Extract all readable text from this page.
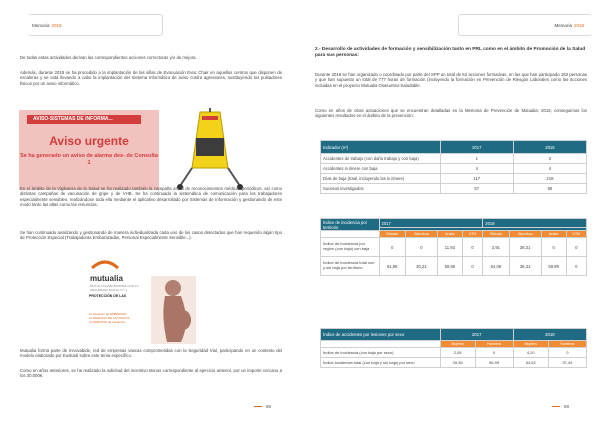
Memoria 2018

De todas estas actividades derivan las correspondientes acciones correctoras y/o de mejora.

Además, durante 2018 se ha procedido a la implantación de las sillas de Evacuación Evac Chair en aquellos centros que disponen de escaleras y se está llevando a cabo la implantación del Sistema Informático de aviso contra agresiones, sustituyendo los pulsadores fisicos por un aviso informático.

AVISO-SISTEMAS DE INFORMA...
Aviso urgente
Se ha generado un aviso de alarma des- de Consulta 1

En el ámbito de la Vigilancia de la Salud se ha realizado también la campaña anual de reconocimientos médicos periódicos, así como distintas campañas de vacunación de gripe y de VHB. Se ha continuado la sistemática de comunicación para los trabajadores especialmente sensibles, realizándose toda ella mediante el aplicativo desarrollado por Sistemas de Información y gestionando de este modo tanto las altas como las renuncias.

Se han continuado analizando y gestionando de manera individualizada cada uno de los casos detectados que han requerido algún tipo de Protección Especial (Trabajadoras Embarazadas, Personal Especialmente Sensible...).

mutualia
MUTUA COLABORADORA CON LA SEGURIDAD SOCIAL N.º 2
PROTECCIÓN DE LAS
en situación de EMBARAZO
en PERIODO DE LACTANCIA
en PERIODO de Lactancia

Mutualia forma parte de Innovabide, red de empresas vascas comprometidas con la Seguridad Vial, participando en un contexto del modelo elaborado por Euskadi sobre este tema específico.

Como en años anteriores, se ha realizado la solicitud del incentivo Bonus correspondiente al ejercicio anterior, por un importe cercano a los 30.000€.

88
Memoria 2018
2.- Desarrollo de actividades de formación y sensibilización tanto en PRL como en el ámbito de Promoción de la Salud para sus personas:

Durante 2018 se han organizado o coordinado por parte del SPP un total de 53 acciones formativas, en las que han participado 183 personas y que han supuesto un total de 777 horas de formación (incluyendo la formación en Prevención de Riesgos Laborales como las acciones incluidas en el proyecto Mutualia Osasuntsu-Saludable.

Como en años de otras actuaciones que se encuentran detalladas en la Memoria de Prevención de Mutualia, 2018, conseguimos los siguientes resultados en el ámbito de la prevención:

Indicador (nº)	2017	2018
Accidentes de trabajo (con daño trabajo y con baja)	1	2
Accidentes in itinere con baja	4	4
Días de baja (total, incluyendo las in itinere)	117	218
Sucesos investigados	57	65
Índice de incidencia por territorio	2017				2018			

	Bizkaia	Gipuzkoa	Araba	UTM	Bizkaia	Gipuzkoa	Araba	UTM
Índice de incidencia por región (con baja) con baja	0	0	11,93	0	2,91	36,31	0	0
Índice de incidencia total con y sin baja por territorio	61,96	30,21	59,65	0	64,08	36,31	59,99	0
Índice de accidentes por lesiones por sexo	2017		2018	
	Mujeres	Hombres	Mujeres	Hombres
Índice de incidencia (con baja por sexo)	2,08	0	4,20	0
Índice incidencia total (con baja y sin baja) por sexo	39,38	56,99	54,62	37,43
89
